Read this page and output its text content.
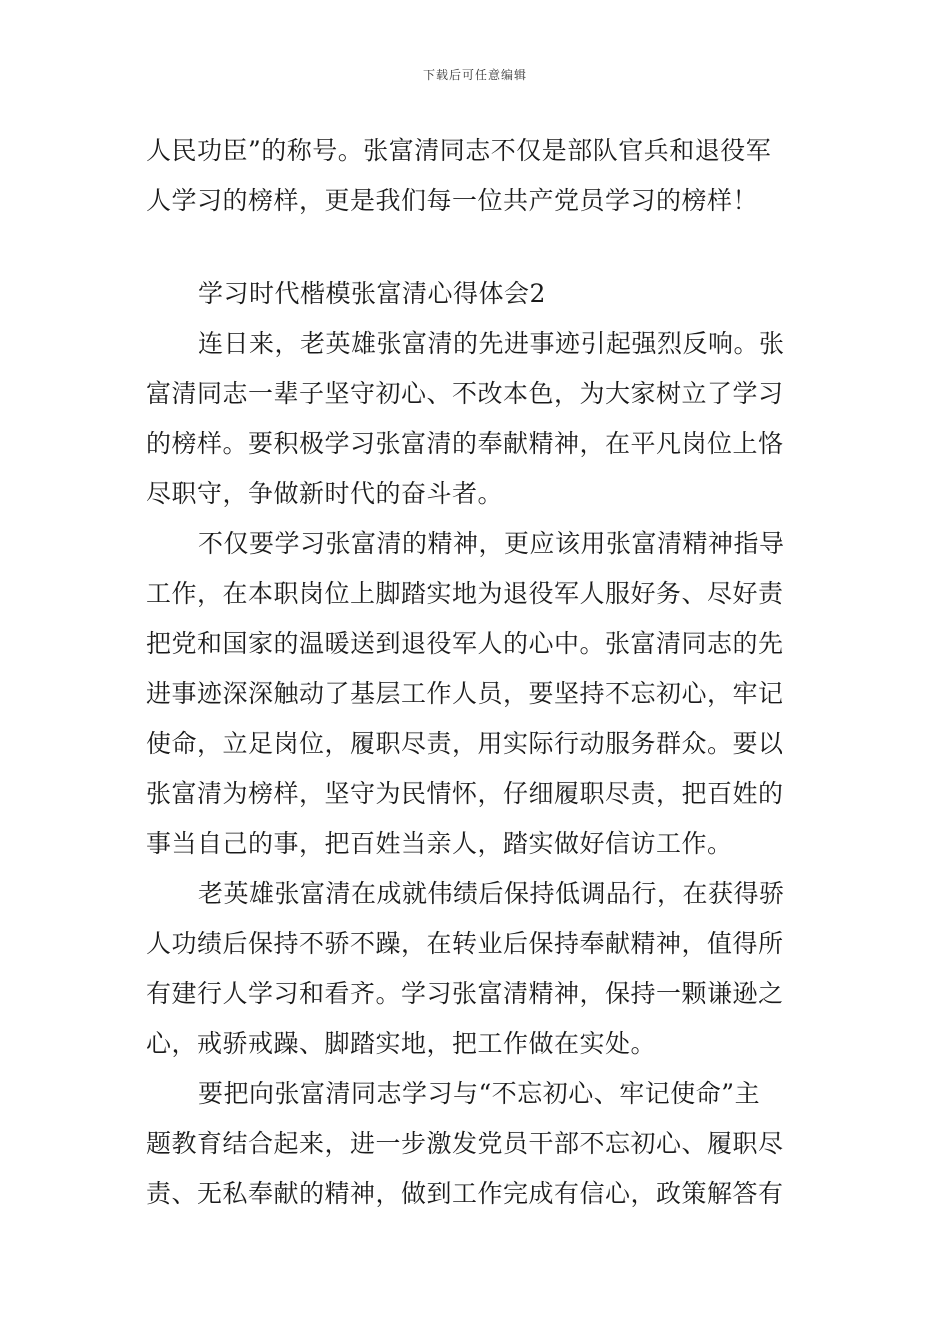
下载后可任意编辑
人民功臣”的称号。张富清同志不仅是部队官兵和退役军
人学习的榜样，更是我们每一位共产党员学习的榜样！
学习时代楷模张富清心得体会2
连日来，老英雄张富清的先进事迹引起强烈反响。张
富清同志一辈子坚守初心、不改本色，为大家树立了学习
的榜样。要积极学习张富清的奉献精神，在平凡岗位上恪
尽职守，争做新时代的奋斗者。
不仅要学习张富清的精神，更应该用张富清精神指导
工作，在本职岗位上脚踏实地为退役军人服好务、尽好责
把党和国家的温暖送到退役军人的心中。张富清同志的先
进事迹深深触动了基层工作人员，要坚持不忘初心，牢记
使命，立足岗位，履职尽责，用实际行动服务群众。要以
张富清为榜样，坚守为民情怀，仔细履职尽责，把百姓的
事当自己的事，把百姓当亲人，踏实做好信访工作。
老英雄张富清在成就伟绩后保持低调品行，在获得骄
人功绩后保持不骄不躁，在转业后保持奉献精神，值得所
有建行人学习和看齐。学习张富清精神，保持一颗谦逊之
心，戒骄戒躁、脚踏实地，把工作做在实处。
要把向张富清同志学习与“不忘初心、牢记使命”主
题教育结合起来，进一步激发党员干部不忘初心、履职尽
责、无私奉献的精神，做到工作完成有信心，政策解答有
